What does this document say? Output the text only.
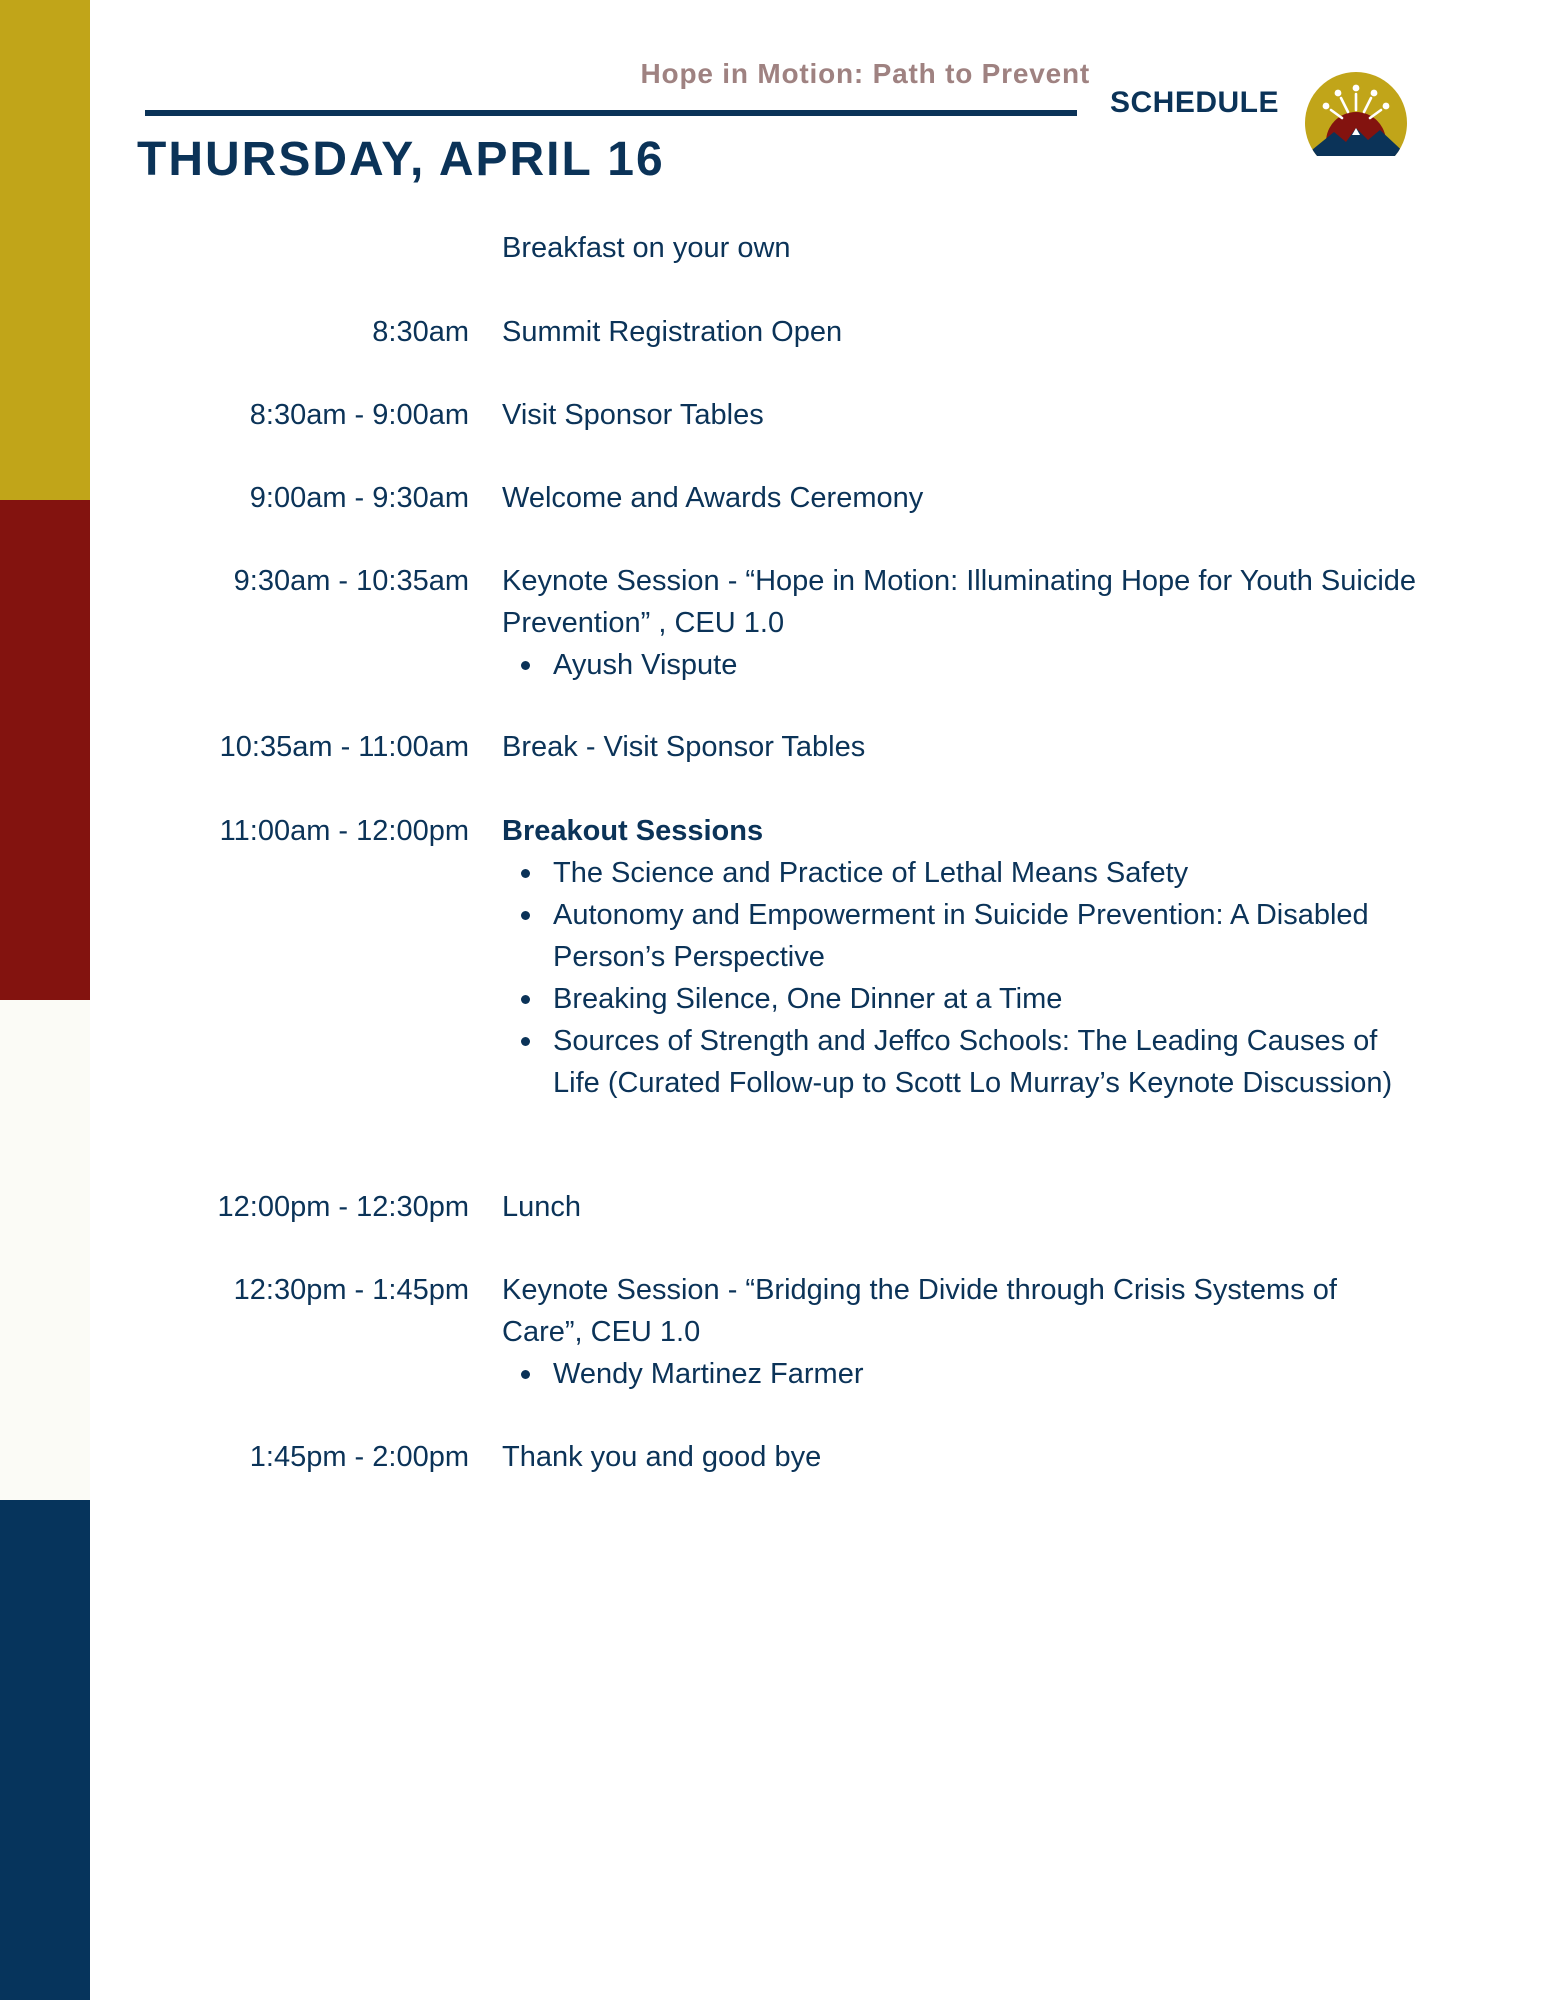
Hope in Motion: Path to Prevent
SCHEDULE
THURSDAY, APRIL 16
Breakfast on your own
8:30am Summit Registration Open
8:30am - 9:00am Visit Sponsor Tables
9:00am - 9:30am Welcome and Awards Ceremony
9:30am - 10:35am Keynote Session - “Hope in Motion: Illuminating Hope for Youth Suicide Prevention” , CEU 1.0
Ayush Vispute
10:35am - 11:00am Break - Visit Sponsor Tables
11:00am - 12:00pm Breakout Sessions
The Science and Practice of Lethal Means Safety
Autonomy and Empowerment in Suicide Prevention: A Disabled Person’s Perspective
Breaking Silence, One Dinner at a Time
Sources of Strength and Jeffco Schools: The Leading Causes of Life (Curated Follow-up to Scott Lo Murray’s Keynote Discussion)
12:00pm - 12:30pm Lunch
12:30pm - 1:45pm Keynote Session - “Bridging the Divide through Crisis Systems of Care”, CEU 1.0
Wendy Martinez Farmer
1:45pm - 2:00pm Thank you and good bye
